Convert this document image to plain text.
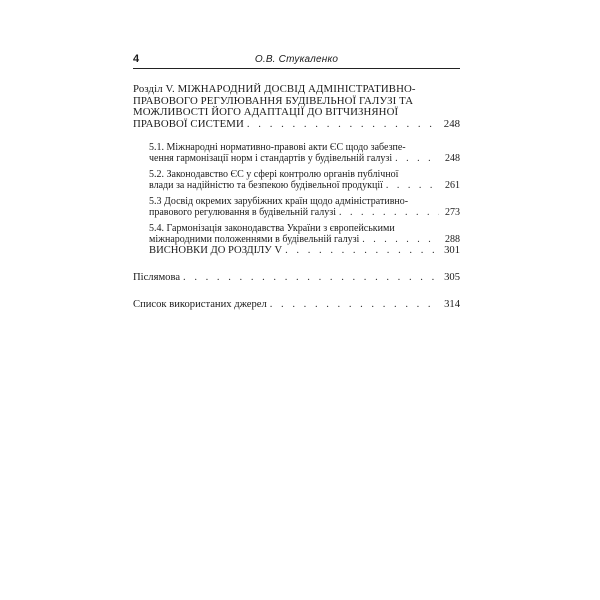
4	О.В. Стукаленко
Розділ V. МІЖНАРОДНИЙ ДОСВІД АДМІНІСТРАТИВНО-
ПРАВОВОГО РЕГУЛЮВАННЯ БУДІВЕЛЬНОЇ ГАЛУЗІ ТА
МОЖЛИВОСТІ ЙОГО АДАПТАЦІЇ ДО ВІТЧИЗНЯНОЇ
ПРАВОВОЇ СИСТЕМИ . . .	248
5.1. Міжнародні нормативно-правові акти ЄС щодо забезпе-
чення гармонізації норм і стандартів у будівельній галузі . . .	248
5.2. Законодавство ЄС у сфері контролю органів публічної
влади за надійністю та безпекою будівельної продукції . . .	261
5.3 Досвід окремих зарубіжних країн щодо адміністративно-
правового регулювання в будівельній галузі . . .	273
5.4. Гармонізація законодавства України з європейськими
міжнародними положеннями в будівельній галузі . . .	288
ВИСНОВКИ ДО РОЗДІЛУ V . . .	301
Післямова . . .	305
Список використаних джерел . . .	314
